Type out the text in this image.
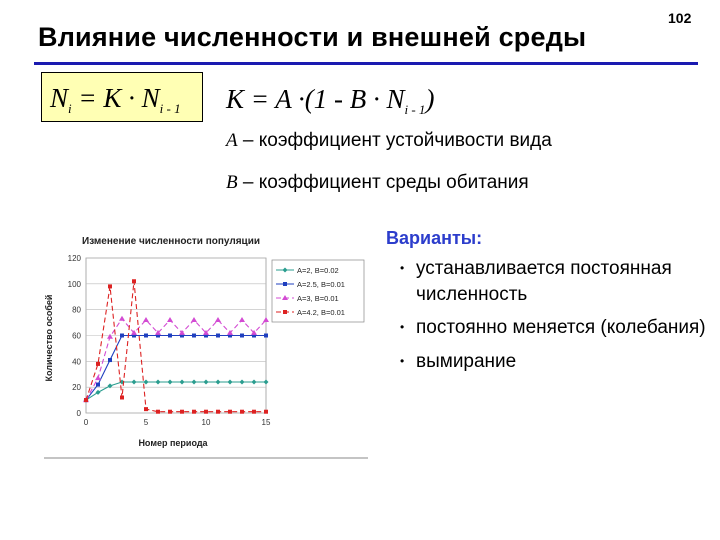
102
Влияние численности и внешней среды
$N_i = K \cdot N_{i - 1}$	$K = A \cdot(1 - B \cdot N_{i - 1})$
A – коэффициент устойчивости вида
B – коэффициент среды обитания
Варианты:
• устанавливается постоянная численность
• постоянно меняется (колебания)
• вымирание
Изменение численности популяции
Количество особей
Номер периода
0
20
40
60
80
100
120
0	5	10	15
A=2, B=0.02
A=2.5, B=0.01
A=3, B=0.01
A=4.2, B=0.01
